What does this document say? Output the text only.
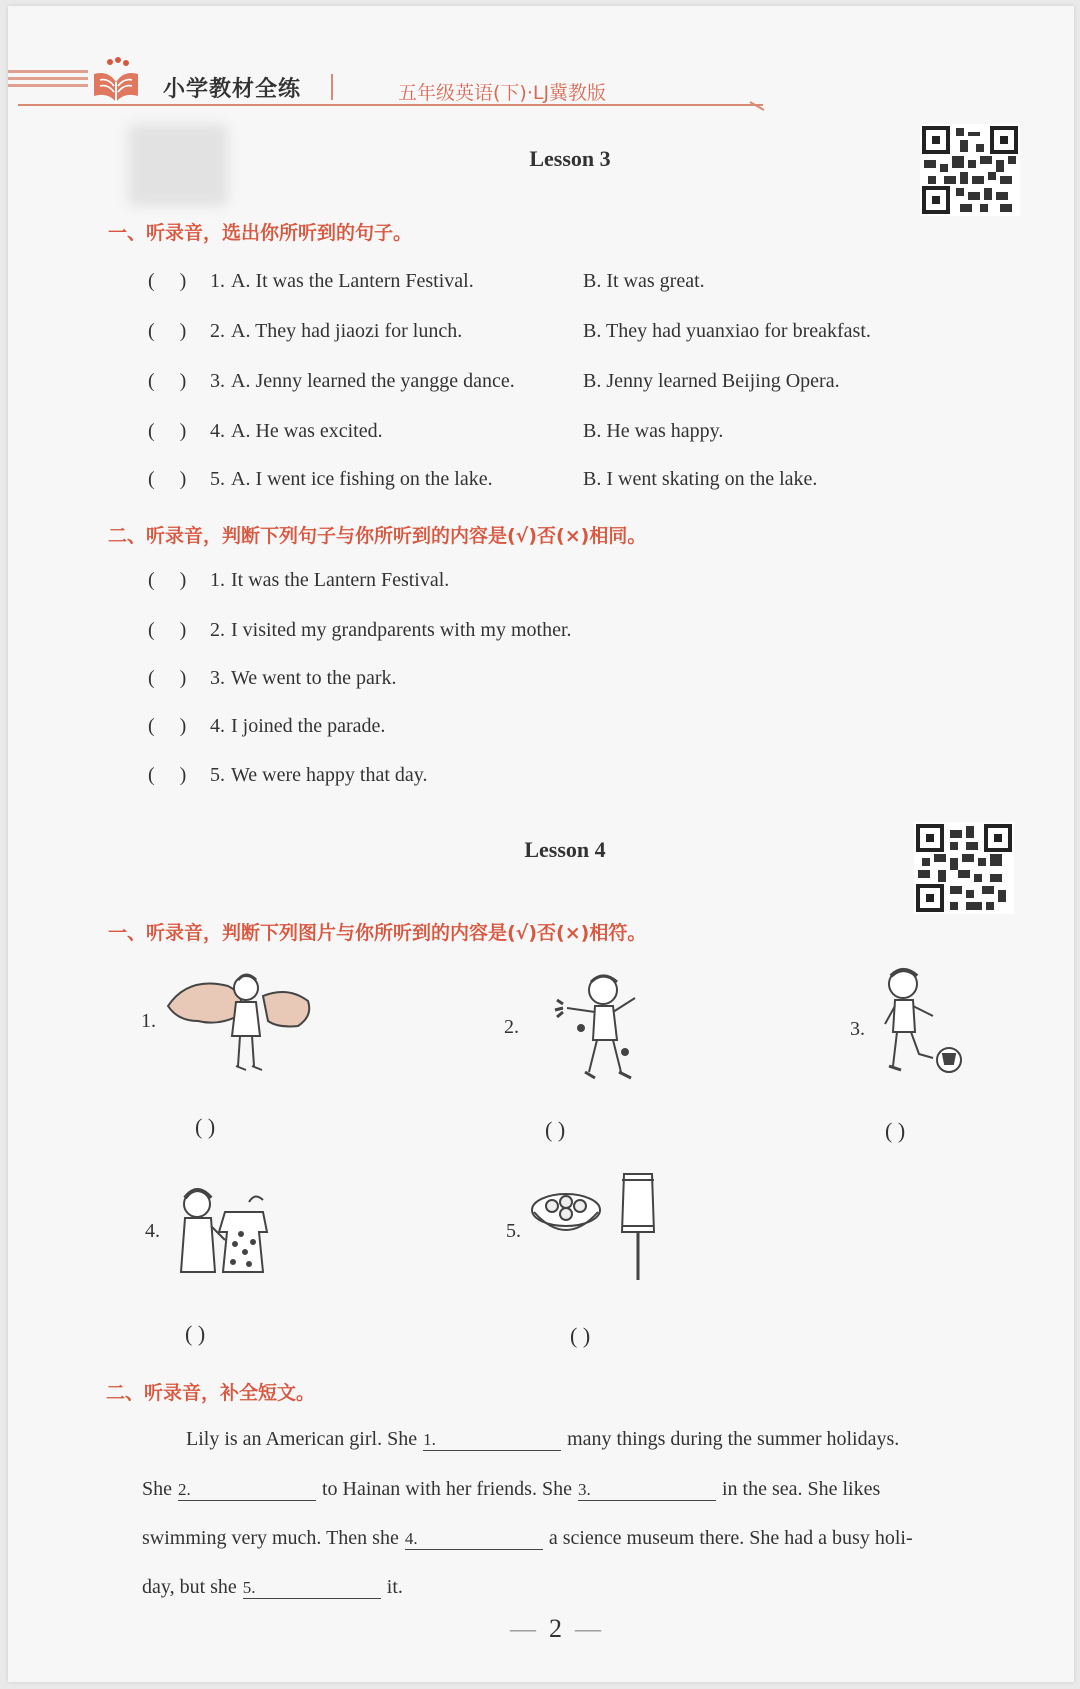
小学教材全练	五年级英语(下)·LJ冀教版
Lesson 3
一、听录音，选出你所听到的句子。
(     ) 1. A. It was the Lantern Festival.	B. It was great.
(     ) 2. A. They had jiaozi for lunch.	B. They had yuanxiao for breakfast.
(     ) 3. A. Jenny learned the yangge dance.	B. Jenny learned Beijing Opera.
(     ) 4. A. He was excited.	B. He was happy.
(     ) 5. A. I went ice fishing on the lake.	B. I went skating on the lake.
二、听录音，判断下列句子与你所听到的内容是(√)否(×)相同。
(     ) 1. It was the Lantern Festival.
(     ) 2. I visited my grandparents with my mother.
(     ) 3. We went to the park.
(     ) 4. I joined the parade.
(     ) 5. We were happy that day.
Lesson 4
一、听录音，判断下列图片与你所听到的内容是(√)否(×)相符。
1.
( )
2.
( )
3.
( )
4.
( )
5.
( )
二、听录音，补全短文。
Lily is an American girl. She 1.	many things during the summer holidays.
She 2.	to Hainan with her friends. She 3.	in the sea. She likes
swimming very much. Then she 4.	a science museum there. She had a busy holi-
day, but she 5.	it.
— 2 —
